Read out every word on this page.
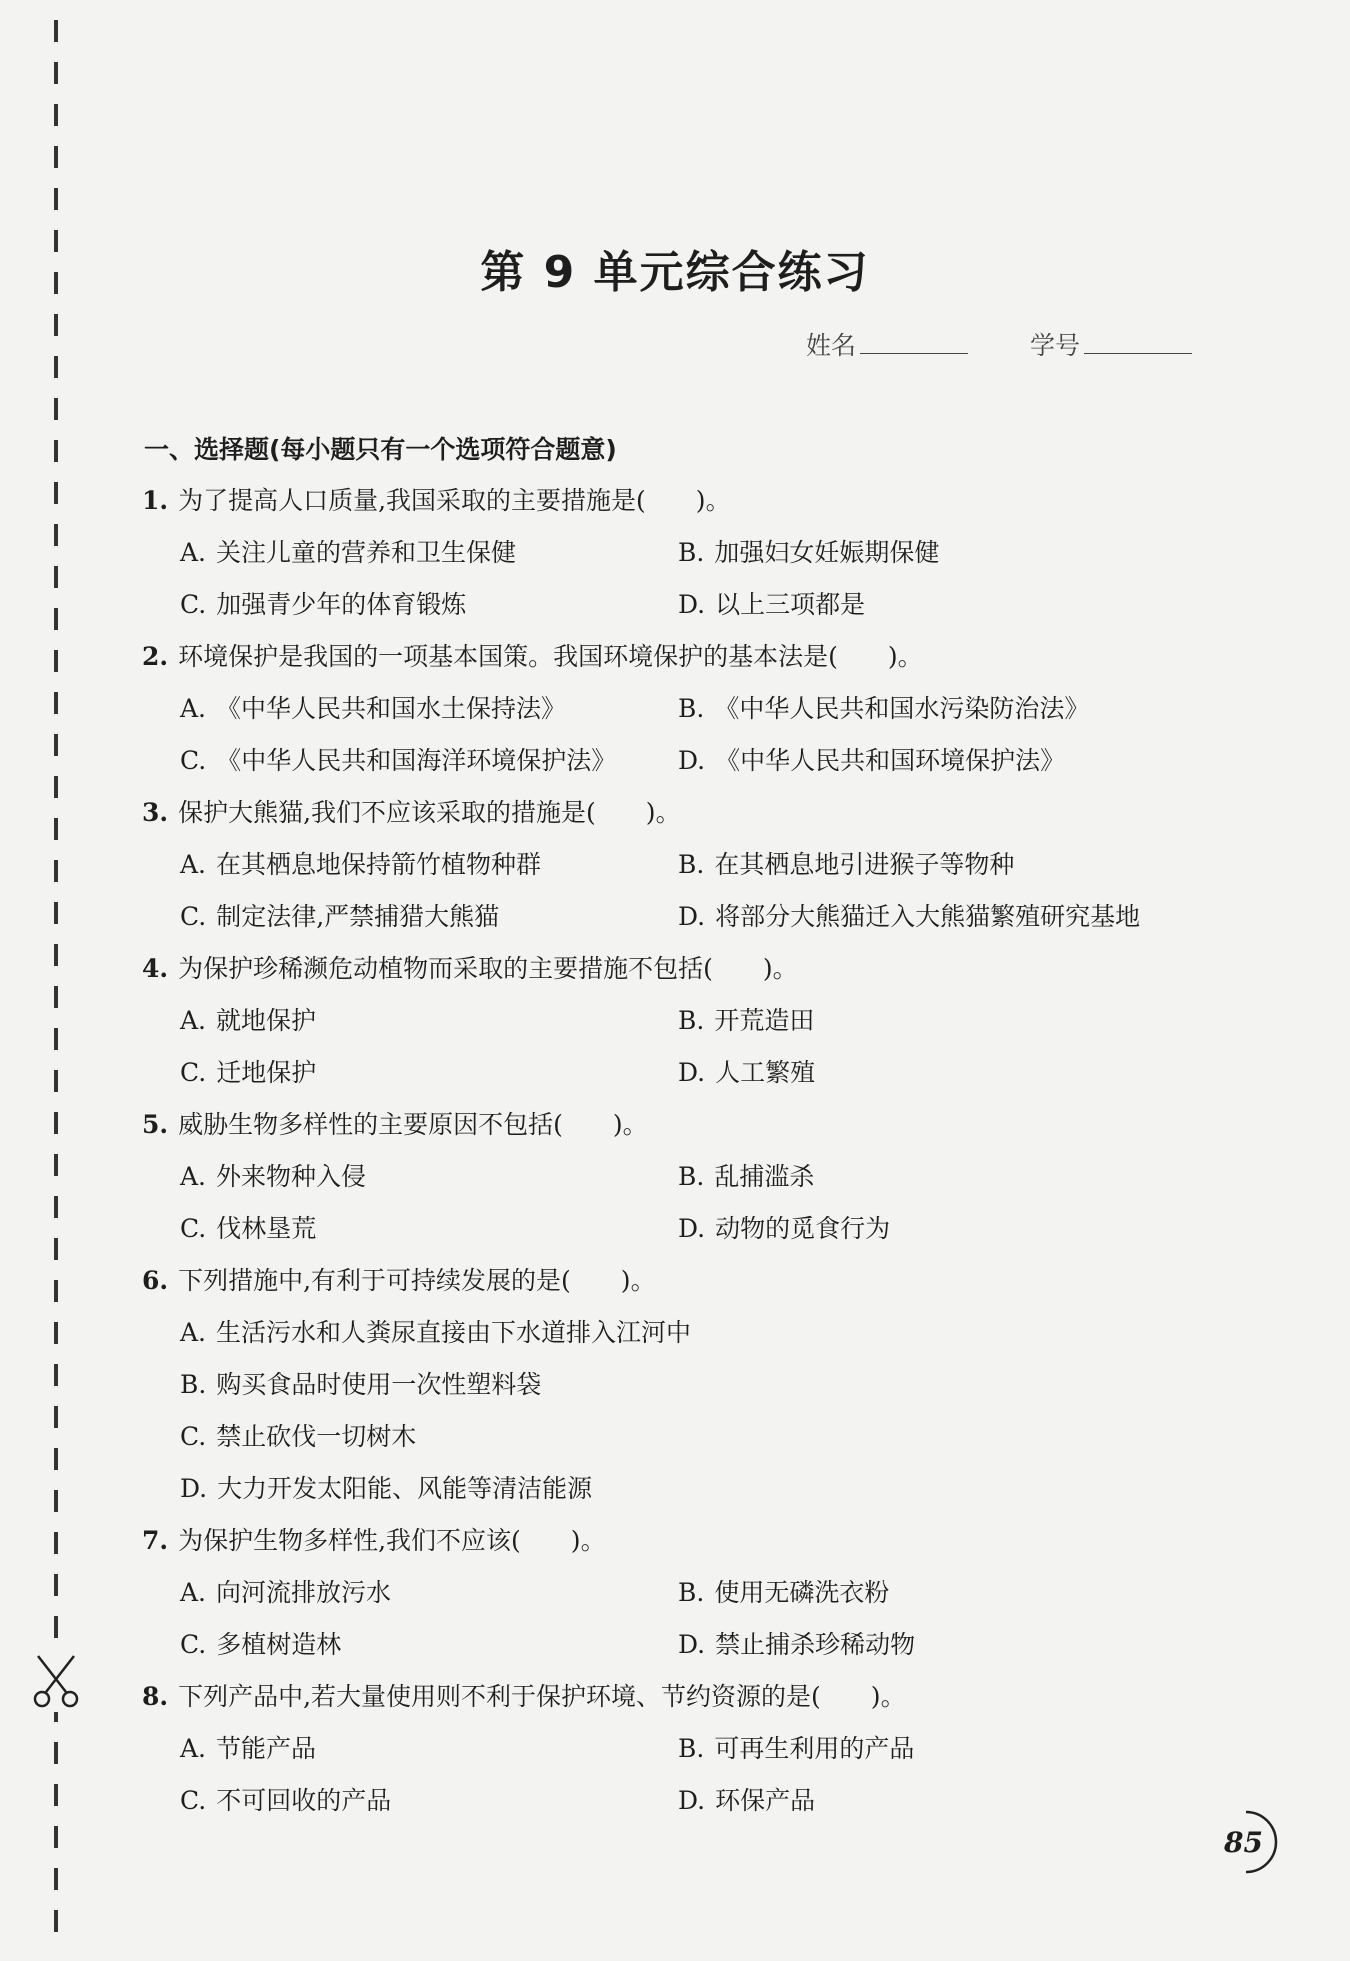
第 9 单元综合练习
姓名	学号
一、选择题(每小题只有一个选项符合题意)
1. 为了提高人口质量,我国采取的主要措施是(　　)。
A. 关注儿童的营养和卫生保健	B. 加强妇女妊娠期保健
C. 加强青少年的体育锻炼	D. 以上三项都是
2. 环境保护是我国的一项基本国策。我国环境保护的基本法是(　　)。
A. 《中华人民共和国水土保持法》	B. 《中华人民共和国水污染防治法》
C. 《中华人民共和国海洋环境保护法》 D. 《中华人民共和国环境保护法》
3. 保护大熊猫,我们不应该采取的措施是(　　)。
A. 在其栖息地保持箭竹植物种群	B. 在其栖息地引进猴子等物种
C. 制定法律,严禁捕猎大熊猫	D. 将部分大熊猫迁入大熊猫繁殖研究基地
4. 为保护珍稀濒危动植物而采取的主要措施不包括(　　)。
A. 就地保护	B. 开荒造田
C. 迁地保护	D. 人工繁殖
5. 威胁生物多样性的主要原因不包括(　　)。
A. 外来物种入侵	B. 乱捕滥杀
C. 伐林垦荒	D. 动物的觅食行为
6. 下列措施中,有利于可持续发展的是(　　)。
A. 生活污水和人粪尿直接由下水道排入江河中
B. 购买食品时使用一次性塑料袋
C. 禁止砍伐一切树木
D. 大力开发太阳能、风能等清洁能源
7. 为保护生物多样性,我们不应该(　　)。
A. 向河流排放污水	B. 使用无磷洗衣粉
C. 多植树造林	D. 禁止捕杀珍稀动物
8. 下列产品中,若大量使用则不利于保护环境、节约资源的是(　　)。
A. 节能产品	B. 可再生利用的产品
C. 不可回收的产品	D. 环保产品
85
